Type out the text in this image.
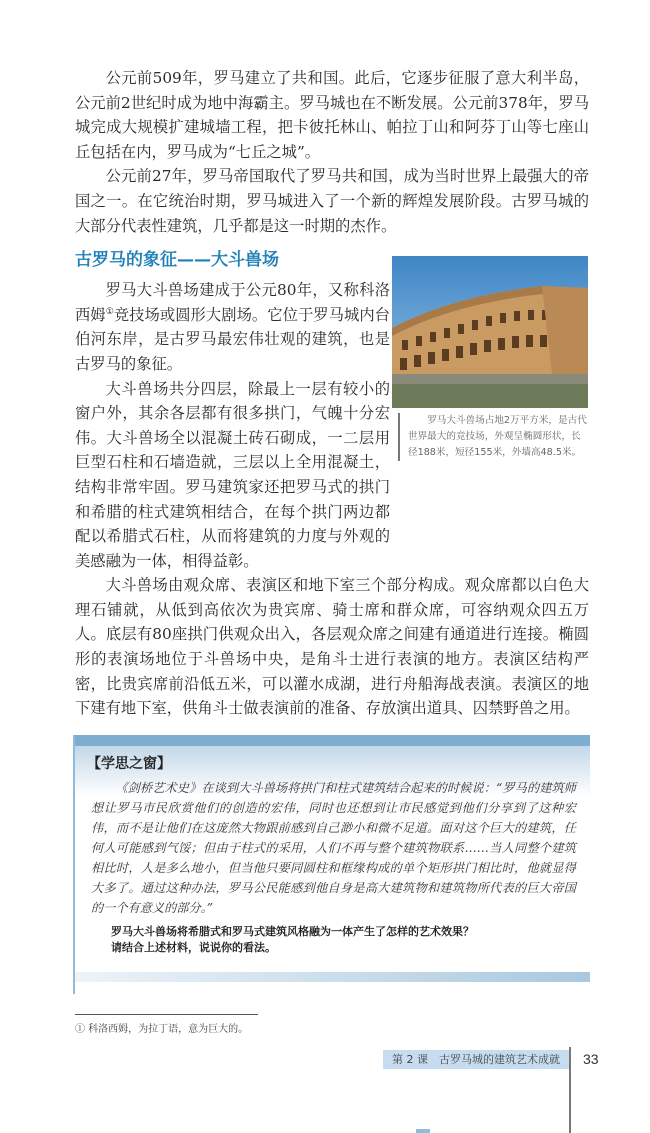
公元前509年，罗马建立了共和国。此后，它逐步征服了意大利半岛，公元前2世纪时成为地中海霸主。罗马城也在不断发展。公元前378年，罗马城完成大规模扩建城墙工程，把卡彼托林山、帕拉丁山和阿芬丁山等七座山丘包括在内，罗马成为“七丘之城”。

公元前27年，罗马帝国取代了罗马共和国，成为当时世界上最强大的帝国之一。在它统治时期，罗马城进入了一个新的辉煌发展阶段。古罗马城的大部分代表性建筑，几乎都是这一时期的杰作。

古罗马的象征——大斗兽场

罗马大斗兽场建成于公元80年，又称科洛西姆①竞技场或圆形大剧场。它位于罗马城内台伯河东岸，是古罗马最宏伟壮观的建筑，也是古罗马的象征。

大斗兽场共分四层，除最上一层有较小的窗户外，其余各层都有很多拱门，气魄十分宏伟。大斗兽场全以混凝土砖石砌成，一二层用巨型石柱和石墙造就，三层以上全用混凝土，结构非常牢固。罗马建筑家还把罗马式的拱门和希腊的柱式建筑相结合，在每个拱门两边都配以希腊式石柱，从而将建筑的力度与外观的美感融为一体，相得益彰。

罗马大斗兽场占地2万平方米，是古代世界最大的竞技场，外观呈椭圆形状，长径188米，短径155米，外墙高48.5米。

大斗兽场由观众席、表演区和地下室三个部分构成。观众席都以白色大理石铺就，从低到高依次为贵宾席、骑士席和群众席，可容纳观众四五万人。底层有80座拱门供观众出入，各层观众席之间建有通道进行连接。椭圆形的表演场地位于斗兽场中央，是角斗士进行表演的地方。表演区结构严密，比贵宾席前沿低五米，可以灌水成湖，进行舟船海战表演。表演区的地下建有地下室，供角斗士做表演前的准备、存放演出道具、囚禁野兽之用。

【学思之窗】

《剑桥艺术史》在谈到大斗兽场将拱门和柱式建筑结合起来的时候说：“罗马的建筑师想让罗马市民欣赏他们的创造的宏伟，同时也还想到让市民感觉到他们分享到了这种宏伟，而不是让他们在这庞然大物跟前感到自己渺小和微不足道。面对这个巨大的建筑，任何人可能感到气馁；但由于柱式的采用，人们不再与整个建筑物联系……当人同整个建筑相比时，人是多么地小，但当他只要同圆柱和框缘构成的单个矩形拱门相比时，他就显得大多了。通过这种办法，罗马公民能感到他自身是高大建筑物和建筑物所代表的巨大帝国的一个有意义的部分。”

罗马大斗兽场将希腊式和罗马式建筑风格融为一体产生了怎样的艺术效果？
请结合上述材料，说说你的看法。
① 科洛西姆，为拉丁语，意为巨大的。
第 2 课　古罗马城的建筑艺术成就	33
